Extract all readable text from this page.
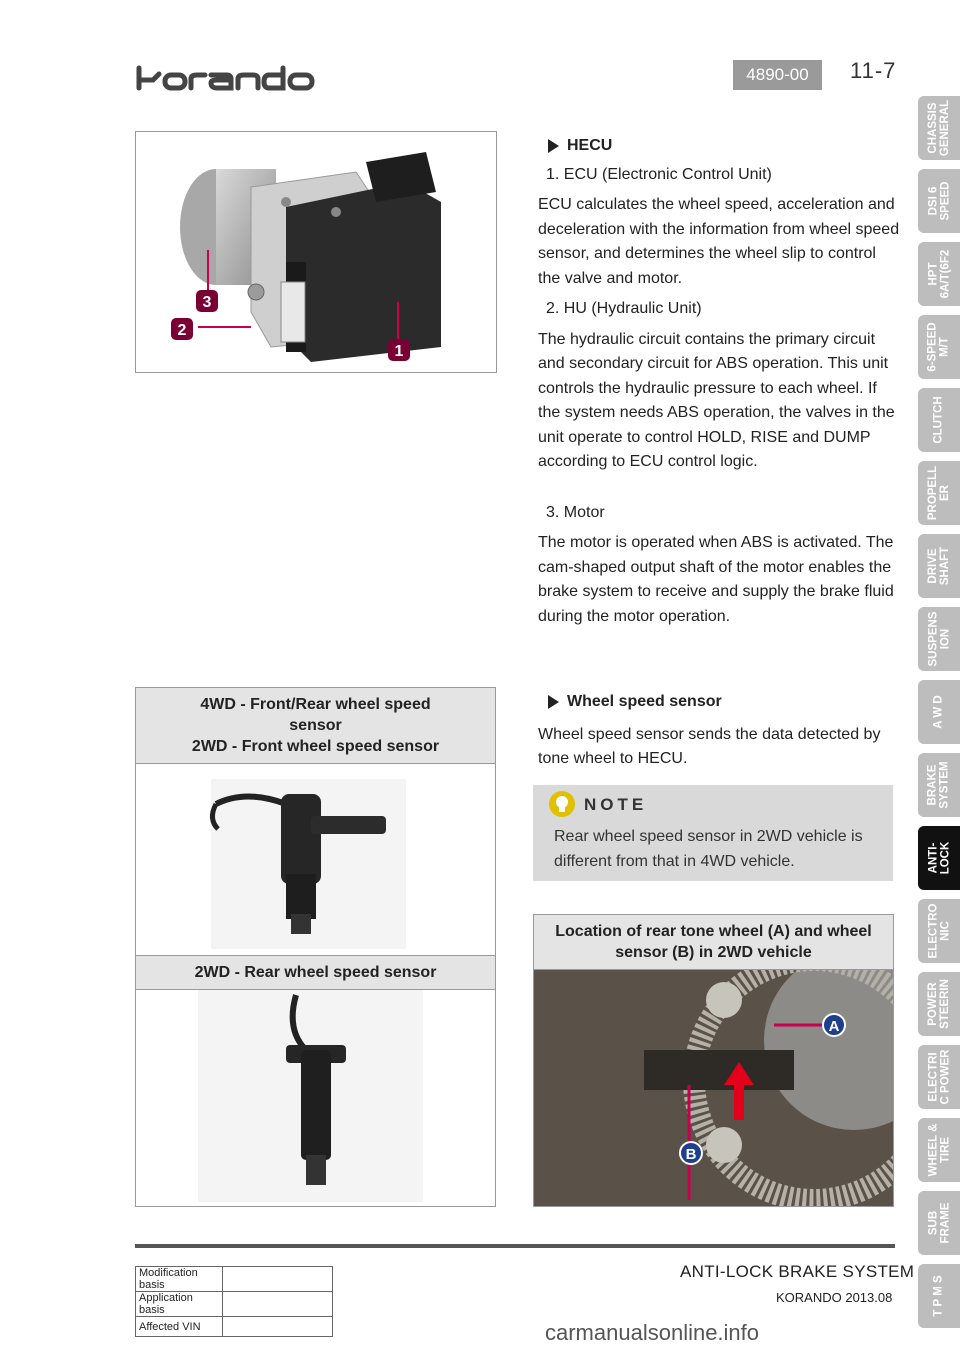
4890-00	11-7
CHASSIS
GENERAL
DSI 6
SPEED
HPT
6A/T(6F2
6-SPEED
M/T
CLUTCH
PROPELL
ER
DRIVE
SHAFT
SUSPENS
ION
A W D
BRAKE
SYSTEM
ANTI-
LOCK
ELECTRO
NIC
POWER
STEERIN
ELECTRI
C POWER
WHEEL &
TIRE
SUB
FRAME
T P M S
3
2
1
HECU

1. ECU (Electronic Control Unit)

ECU calculates the wheel speed, acceleration and deceleration with the information from wheel speed sensor, and determines the wheel slip to control the valve and motor.

2. HU (Hydraulic Unit)

The hydraulic circuit contains the primary circuit and secondary circuit for ABS operation. This unit controls the hydraulic pressure to each wheel. If the system needs ABS operation, the valves in the unit operate to control HOLD, RISE and DUMP according to ECU control logic.

3. Motor

The motor is operated when ABS is activated. The cam-shaped output shaft of the motor enables the brake system to receive and supply the brake fluid during the motor operation.

4WD - Front/Rear wheel speed
sensor
2WD - Front wheel speed sensor
2WD - Rear wheel speed sensor
Wheel speed sensor

Wheel speed sensor sends the data detected by tone wheel to HECU.

NOTE
Rear wheel speed sensor in 2WD vehicle is different from that in 4WD vehicle.
Location of rear tone wheel (A) and wheel
sensor (B) in 2WD vehicle
A
B
Modification basis	
Application basis	
Affected VIN	
ANTI-LOCK BRAKE SYSTEM
KORANDO 2013.08
carmanualsonline.info
